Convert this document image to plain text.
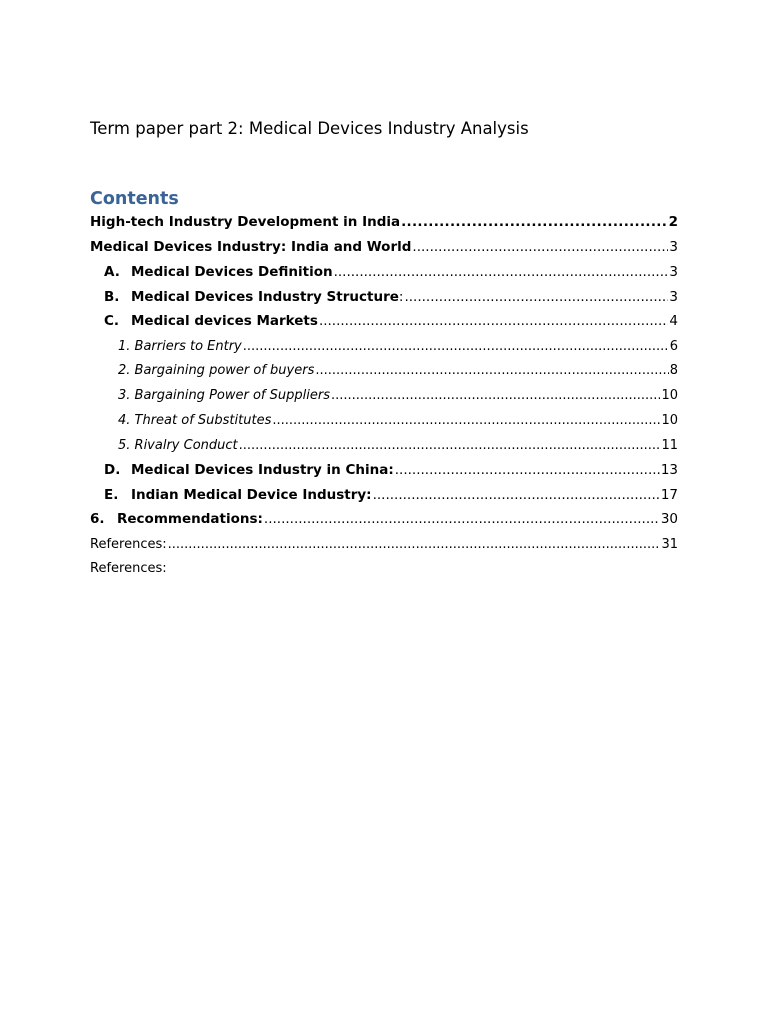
Term paper part 2: Medical Devices Industry Analysis
Contents
High-tech Industry Development in India .....	2
Medical Devices Industry: India and World .....	3
A. Medical Devices Definition .....	3
B. Medical Devices Industry Structure: .....	3
C. Medical devices Markets .....	4
1. Barriers to Entry .....	6
2. Bargaining power of buyers .....	8
3. Bargaining Power of Suppliers .....	10
4. Threat of Substitutes .....	10
5. Rivalry Conduct .....	11
D. Medical Devices Industry in China: .....	13
E. Indian Medical Device Industry: .....	17
6. Recommendations: .....	30
References: .....	31
References:
